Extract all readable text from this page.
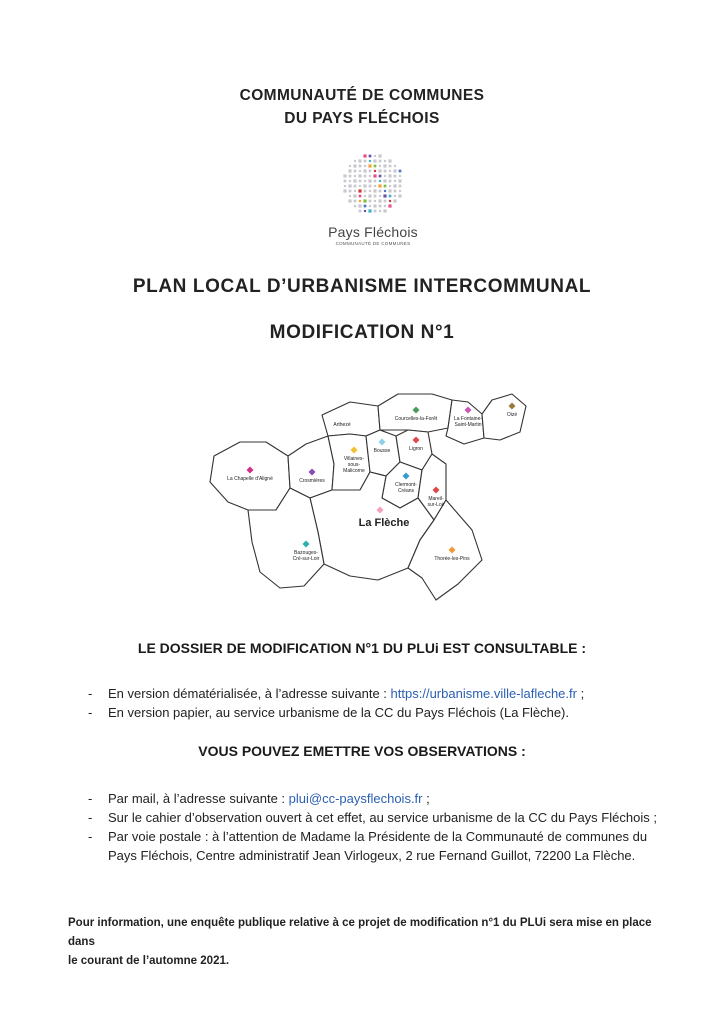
COMMUNAUTÉ DE COMMUNES
DU PAYS FLÉCHOIS
Pays Fléchois
COMMUNAUTÉ DE COMMUNES
PLAN LOCAL D’URBANISME INTERCOMMUNAL
MODIFICATION N°1
Arthezé
Courcelles-la-Forêt	La Fontaine-
Saint-Martin
Bousse	Ligron
Oizé
Villaines-
sous-
Malicorne
La Chapelle d'Aligné	Crosmières
Clermont-
Créans
Mareil-
sur-Loir
Bazouges-
Cré-sur-Loir	Thorée-les-Pins
La Flèche
LE DOSSIER DE MODIFICATION N°1 DU PLUi EST CONSULTABLE :
- En version dématérialisée, à l’adresse suivante : https://urbanisme.ville-lafleche.fr ;
- En version papier, au service urbanisme de la CC du Pays Fléchois (La Flèche).
VOUS POUVEZ EMETTRE VOS OBSERVATIONS :
- Par mail, à l’adresse suivante : plui@cc-paysflechois.fr ;
- Sur le cahier d’observation ouvert à cet effet, au service urbanisme de la CC du Pays Fléchois ;
- Par voie postale : à l’attention de Madame la Présidente de la Communauté de communes du
Pays Fléchois, Centre administratif Jean Virlogeux, 2 rue Fernand Guillot, 72200 La Flèche.
Pour information, une enquête publique relative à ce projet de modification n°1 du PLUi sera mise en place dans
le courant de l’automne 2021.
